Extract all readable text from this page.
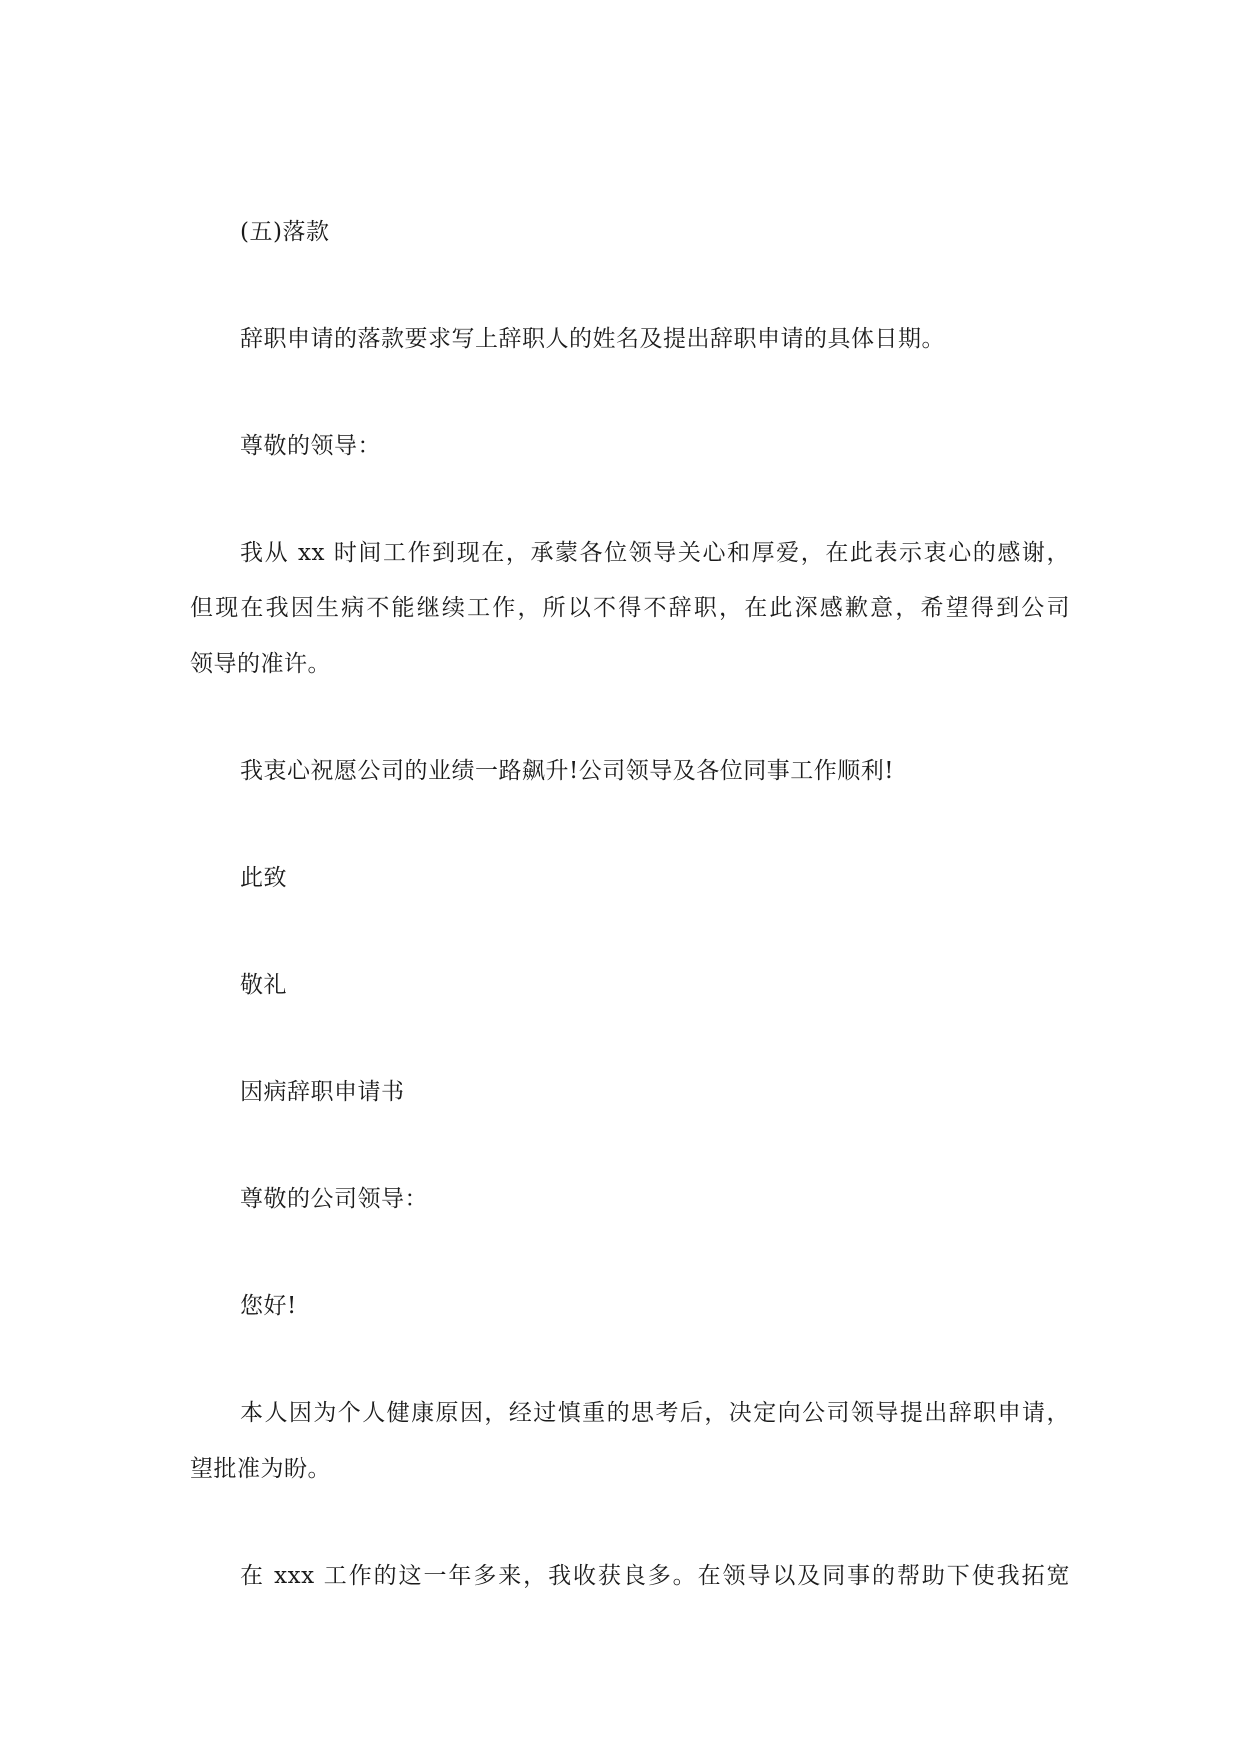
(五)落款
辞职申请的落款要求写上辞职人的姓名及提出辞职申请的具体日期。
尊敬的领导：
我从 xx 时间工作到现在，承蒙各位领导关心和厚爱，在此表示衷心的感谢，
但现在我因生病不能继续工作，所以不得不辞职，在此深感歉意，希望得到公司
领导的准许。
我衷心祝愿公司的业绩一路飙升!公司领导及各位同事工作顺利!
此致
敬礼
因病辞职申请书
尊敬的公司领导：
您好!
本人因为个人健康原因，经过慎重的思考后，决定向公司领导提出辞职申请，
望批准为盼。
在 xxx 工作的这一年多来，我收获良多。在领导以及同事的帮助下使我拓宽
